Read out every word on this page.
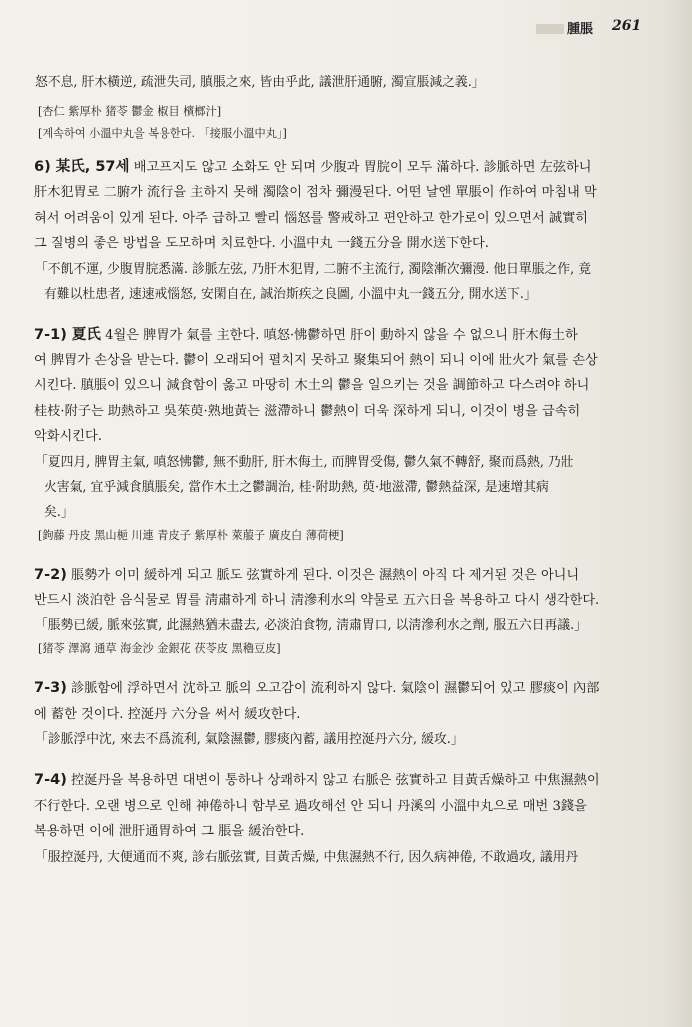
腫脹 261

怒不息, 肝木橫逆, 疏泄失司, 䐜脹之來, 皆由乎此, 議泄肝通腑, 濁宣脹減之義.」

[杏仁 紫厚朴 猪苓 鬱金 椒目 檳榔汁]

[계속하여 小溫中丸을 복용한다. 「接服小溫中丸」]

6) 某氏, 57세 배고프지도 않고 소화도 안 되며 少腹과 胃脘이 모두 滿하다. 診脈하면 左弦하니

肝木犯胃로 二腑가 流行을 主하지 못해 濁陰이 점차 彌漫된다. 어떤 날엔 單脹이 作하여 마침내 막

혀서 어려움이 있게 된다. 아주 급하고 빨리 惱怒를 警戒하고 편안하고 한가로이 있으면서 誠實히

그 질병의 좋은 방법을 도모하며 치료한다. 小溫中丸 一錢五分을 開水送下한다.

「不飢不運, 少腹胃脘悉滿. 診脈左弦, 乃肝木犯胃, 二腑不主流行, 濁陰漸次彌漫. 他日單脹之作, 竟

有難以杜患者, 速速戒惱怒, 安閑自在, 誠治斯疾之良圖, 小溫中丸一錢五分, 開水送下.」

7-1) 夏氏 4월은 脾胃가 氣를 主한다. 嗔怒·怫鬱하면 肝이 動하지 않을 수 없으니 肝木侮土하

여 脾胃가 손상을 받는다. 鬱이 오래되어 펼치지 못하고 聚集되어 熱이 되니 이에 壯火가 氣를 손상

시킨다. 䐜脹이 있으니 減食함이 옳고 마땅히 木土의 鬱을 일으키는 것을 調節하고 다스려야 하니

桂枝·附子는 助熱하고 吳茱萸·熟地黃는 滋滯하니 鬱熱이 더욱 深하게 되니, 이것이 병을 급속히

악화시킨다.

「夏四月, 脾胃主氣, 嗔怒怫鬱, 無不動肝, 肝木侮土, 而脾胃受傷, 鬱久氣不轉舒, 聚而爲熱, 乃壯

火害氣, 宜乎減食䐜脹矣, 當作木土之鬱調治, 桂·附助熱, 萸·地滋滯, 鬱熱益深, 是速增其病

矣.」

[鉤藤 丹皮 黑山梔 川連 青皮子 紫厚朴 萊菔子 廣皮白 薄荷梗]

7-2) 脹勢가 이미 緩하게 되고 脈도 弦實하게 된다. 이것은 濕熱이 아직 다 제거된 것은 아니니

반드시 淡泊한 음식물로 胃를 淸肅하게 하니 淸滲利水의 약물로 五六日을 복용하고 다시 생각한다.

「脹勢已緩, 脈來弦實, 此濕熱猶未盡去, 必淡泊食物, 淸肅胃口, 以淸滲利水之劑, 服五六日再議.」

[猪苓 澤瀉 通草 海金沙 金銀花 茯苓皮 黑穭豆皮]

7-3) 診脈함에 浮하면서 沈하고 脈의 오고감이 流利하지 않다. 氣陰이 濕鬱되어 있고 膠痰이 內部

에 蓄한 것이다. 控涎丹 六分을 써서 緩攻한다.

「診脈浮中沈, 來去不爲流利, 氣陰濕鬱, 膠痰內蓄, 議用控涎丹六分, 緩攻.」

7-4) 控涎丹을 복용하면 대변이 통하나 상쾌하지 않고 右脈은 弦實하고 目黃舌燥하고 中焦濕熱이

不行한다. 오랜 병으로 인해 神倦하니 함부로 過攻해선 안 되니 丹溪의 小溫中丸으로 매번 3錢을

복용하면 이에 泄肝通胃하여 그 脹을 緩治한다.

「服控涎丹, 大便通而不爽, 診右脈弦實, 目黃舌燥, 中焦濕熱不行, 因久病神倦, 不敢過攻, 議用丹
